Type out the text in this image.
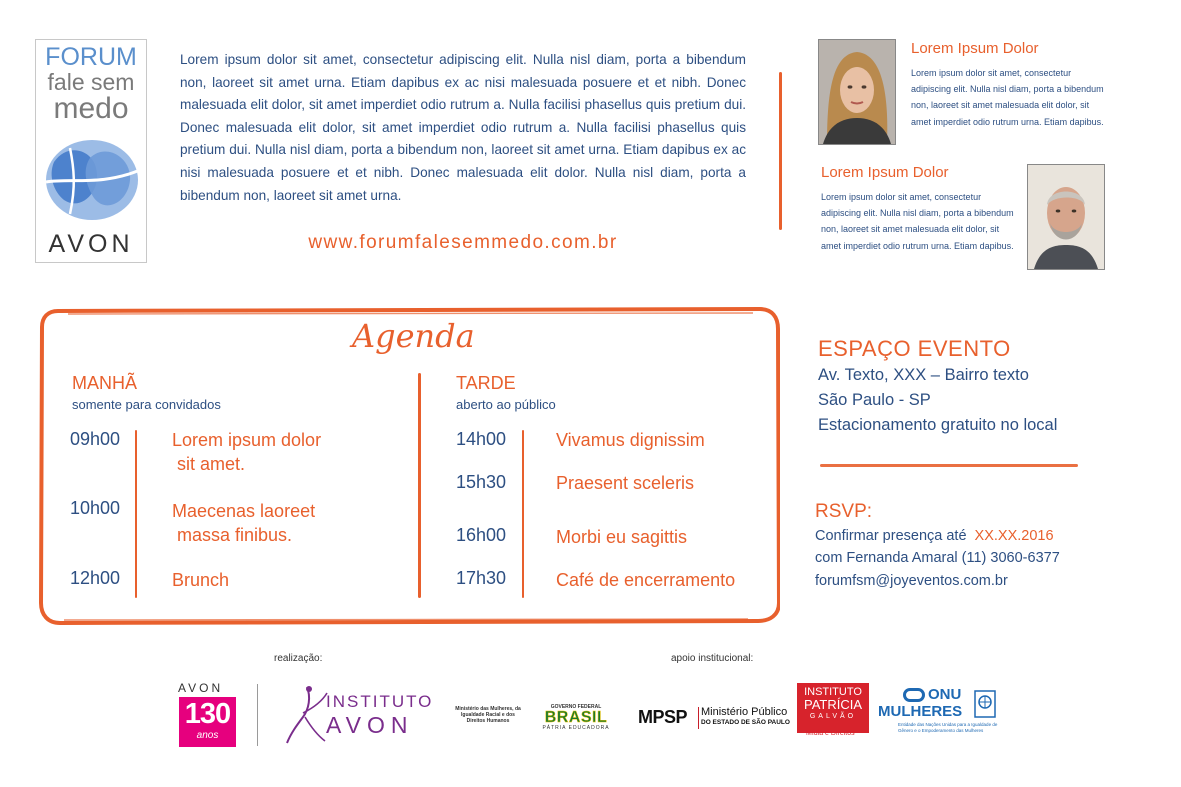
FORUM
fale sem
medo
AVON
Lorem ipsum dolor sit amet, consectetur adipiscing elit. Nulla nisl diam, porta a bibendum non, laoreet sit amet urna. Etiam dapibus ex ac nisi malesuada posuere et et nibh. Donec malesuada elit dolor, sit amet imperdiet odio rutrum a. Nulla facilisi phasellus quis pretium dui. Donec malesuada elit dolor, sit amet imperdiet odio rutrum a. Nulla facilisi phasellus quis pretium dui. Nulla nisl diam, porta a bibendum non, laoreet sit amet urna. Etiam dapibus ex ac nisi malesuada posuere et et nibh. Donec malesuada elit dolor. Nulla nisl diam, porta a bibendum non, laoreet sit amet urna.
www.forumfalesemmedo.com.br
Lorem Ipsum Dolor
Lorem ipsum dolor sit amet, consectetur adipiscing elit. Nulla nisl diam, porta a bibendum non, laoreet sit amet malesuada elit dolor, sit amet imperdiet odio rutrum urna. Etiam dapibus.
Lorem Ipsum Dolor
Lorem ipsum dolor sit amet, consectetur adipiscing elit. Nulla nisl diam, porta a bibendum non, laoreet sit amet malesuada elit dolor, sit amet imperdiet odio rutrum urna. Etiam dapibus.
Agenda
MANHÃ
somente para convidados
09h00	Lorem ipsum dolor
sit amet.
10h00	Maecenas laoreet
massa finibus.
12h00	Brunch
TARDE
aberto ao público
14h00	Vivamus dignissim
15h30	Praesent sceleris
16h00	Morbi eu sagittis
17h30	Café de encerramento
ESPAÇO EVENTO
Av. Texto, XXX – Bairro texto
São Paulo - SP
Estacionamento gratuito no local
RSVP:
Confirmar presença até XX.XX.2016
com Fernanda Amaral (11) 3060-6377
forumfsm@joyeventos.com.br
realização:	apoio institucional:
AVON
130
anos
INSTITUTO
AVON
Ministério das Mulheres, da Igualdade Racial e dos Direitos Humanos
GOVERNO FEDERAL
BRASIL
PÁTRIA EDUCADORA
MPSP Ministério Público
DO ESTADO DE SÃO PAULO
INSTITUTO
PATRÍCIA
GALVÃO
Mídia e Direitos
ONU
MULHERES
Entidade das Nações Unidas para a Igualdade de Gênero e o Empoderamento das Mulheres
